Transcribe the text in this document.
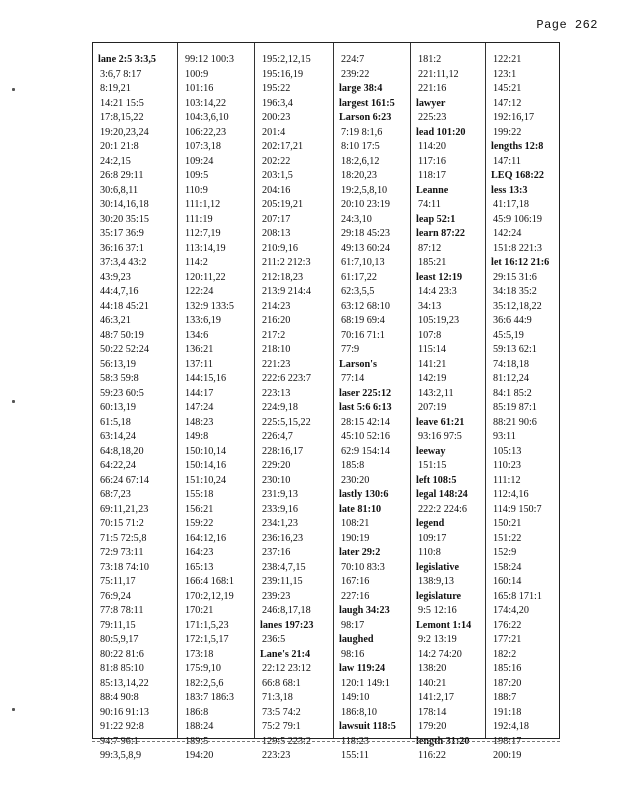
Page 262
lane 2:5 3:3,5
3:6,7 8:17
8:19,21
14:21 15:5
17:8,15,22
19:20,23,24
20:1 21:8
24:2,15
26:8 29:11
30:6,8,11
30:14,16,18
30:20 35:15
35:17 36:9
36:16 37:1
37:3,4 43:2
43:9,23
44:4,7,16
44:18 45:21
46:3,21
48:7 50:19
50:22 52:24
56:13,19
58:3 59:8
59:23 60:5
60:13,19
61:5,18
63:14,24
64:8,18,20
64:22,24
66:24 67:14
68:7,23
69:11,21,23
70:15 71:2
71:5 72:5,8
72:9 73:11
73:18 74:10
75:11,17
76:9,24
77:8 78:11
79:11,15
80:5,9,17
80:22 81:6
81:8 85:10
85:13,14,22
88:4 90:8
90:16 91:13
91:22 92:8
94:7 96:1
99:3,5,8,9
99:12 100:3
100:9
101:16
103:14,22
104:3,6,10
106:22,23
107:3,18
109:24
109:5
110:9
111:1,12
111:19
112:7,19
113:14,19
114:2
120:11,22
122:24
132:9 133:5
133:6,19
134:6
136:21
137:11
144:15,16
144:17
147:24
148:23
149:8
150:10,14
150:14,16
151:10,24
155:18
156:21
159:22
164:12,16
164:23
165:13
166:4 168:1
170:2,12,19
170:21
171:1,5,23
172:1,5,17
173:18
175:9,10
182:2,5,6
183:7 186:3
186:8
188:24
189:5
194:20
195:2,12,15
195:16,19
195:22
196:3,4
200:23
201:4
202:17,21
202:22
203:1,5
204:16
205:19,21
207:17
208:13
210:9,16
211:2 212:3
212:18,23
213:9 214:4
214:23
216:20
217:2
218:10
221:23
222:6 223:7
223:13
224:9,18
225:5,15,22
226:4,7
228:16,17
229:20
230:10
231:9,13
233:9,16
234:1,23
236:16,23
237:16
238:4,7,15
239:11,15
239:23
246:8,17,18
lanes 197:23
236:5
Lane's 21:4
22:12 23:12
66:8 68:1
71:3,18
73:5 74:2
75:2 79:1
129:5 223:2
223:23
224:7
239:22
large 38:4
largest 161:5
Larson 6:23
7:19 8:1,6
8:10 17:5
18:2,6,12
18:20,23
19:2,5,8,10
20:10 23:19
24:3,10
29:18 45:23
49:13 60:24
61:7,10,13
61:17,22
62:3,5,5
63:12 68:10
68:19 69:4
70:16 71:1
77:9
Larson's
77:14
laser 225:12
last 5:6 6:13
28:15 42:14
45:10 52:16
62:9 154:14
185:8
230:20
lastly 130:6
late 81:10
108:21
190:19
later 29:2
70:10 83:3
167:16
227:16
laugh 34:23
98:17
laughed
98:16
law 119:24
120:1 149:1
149:10
186:8,10
lawsuit 118:5
118:23
155:11
181:2
221:11,12
221:16
lawyer
225:23
lead 101:20
114:20
117:16
118:17
Leanne
74:11
leap 52:1
learn 87:22
87:12
185:21
least 12:19
14:4 23:3
34:13
105:19,23
107:8
115:14
141:21
142:19
143:2,11
207:19
leave 61:21
93:16 97:5
leeway
151:15
left 108:5
legal 148:24
222:2 224:6
legend
109:17
110:8
legislative
138:9,13
legislature
9:5 12:16
Lemont 1:14
9:2 13:19
14:2 74:20
138:20
140:21
141:2,17
178:14
179:20
length 31:20
116:22
122:21
123:1
145:21
147:12
192:16,17
199:22
lengths 12:8
147:11
LEQ 168:22
less 13:3
41:17,18
45:9 106:19
142:24
151:8 221:3
let 16:12 21:6
29:15 31:6
34:18 35:2
35:12,18,22
36:6 44:9
45:5,19
59:13 62:1
74:18,18
81:12,24
84:1 85:2
85:19 87:1
88:21 90:6
93:11
105:13
110:23
111:12
112:4,16
114:9 150:7
150:21
151:22
152:9
158:24
160:14
165:8 171:1
174:4,20
176:22
177:21
182:2
185:16
187:20
188:7
191:18
192:4,18
198:17
200:19
